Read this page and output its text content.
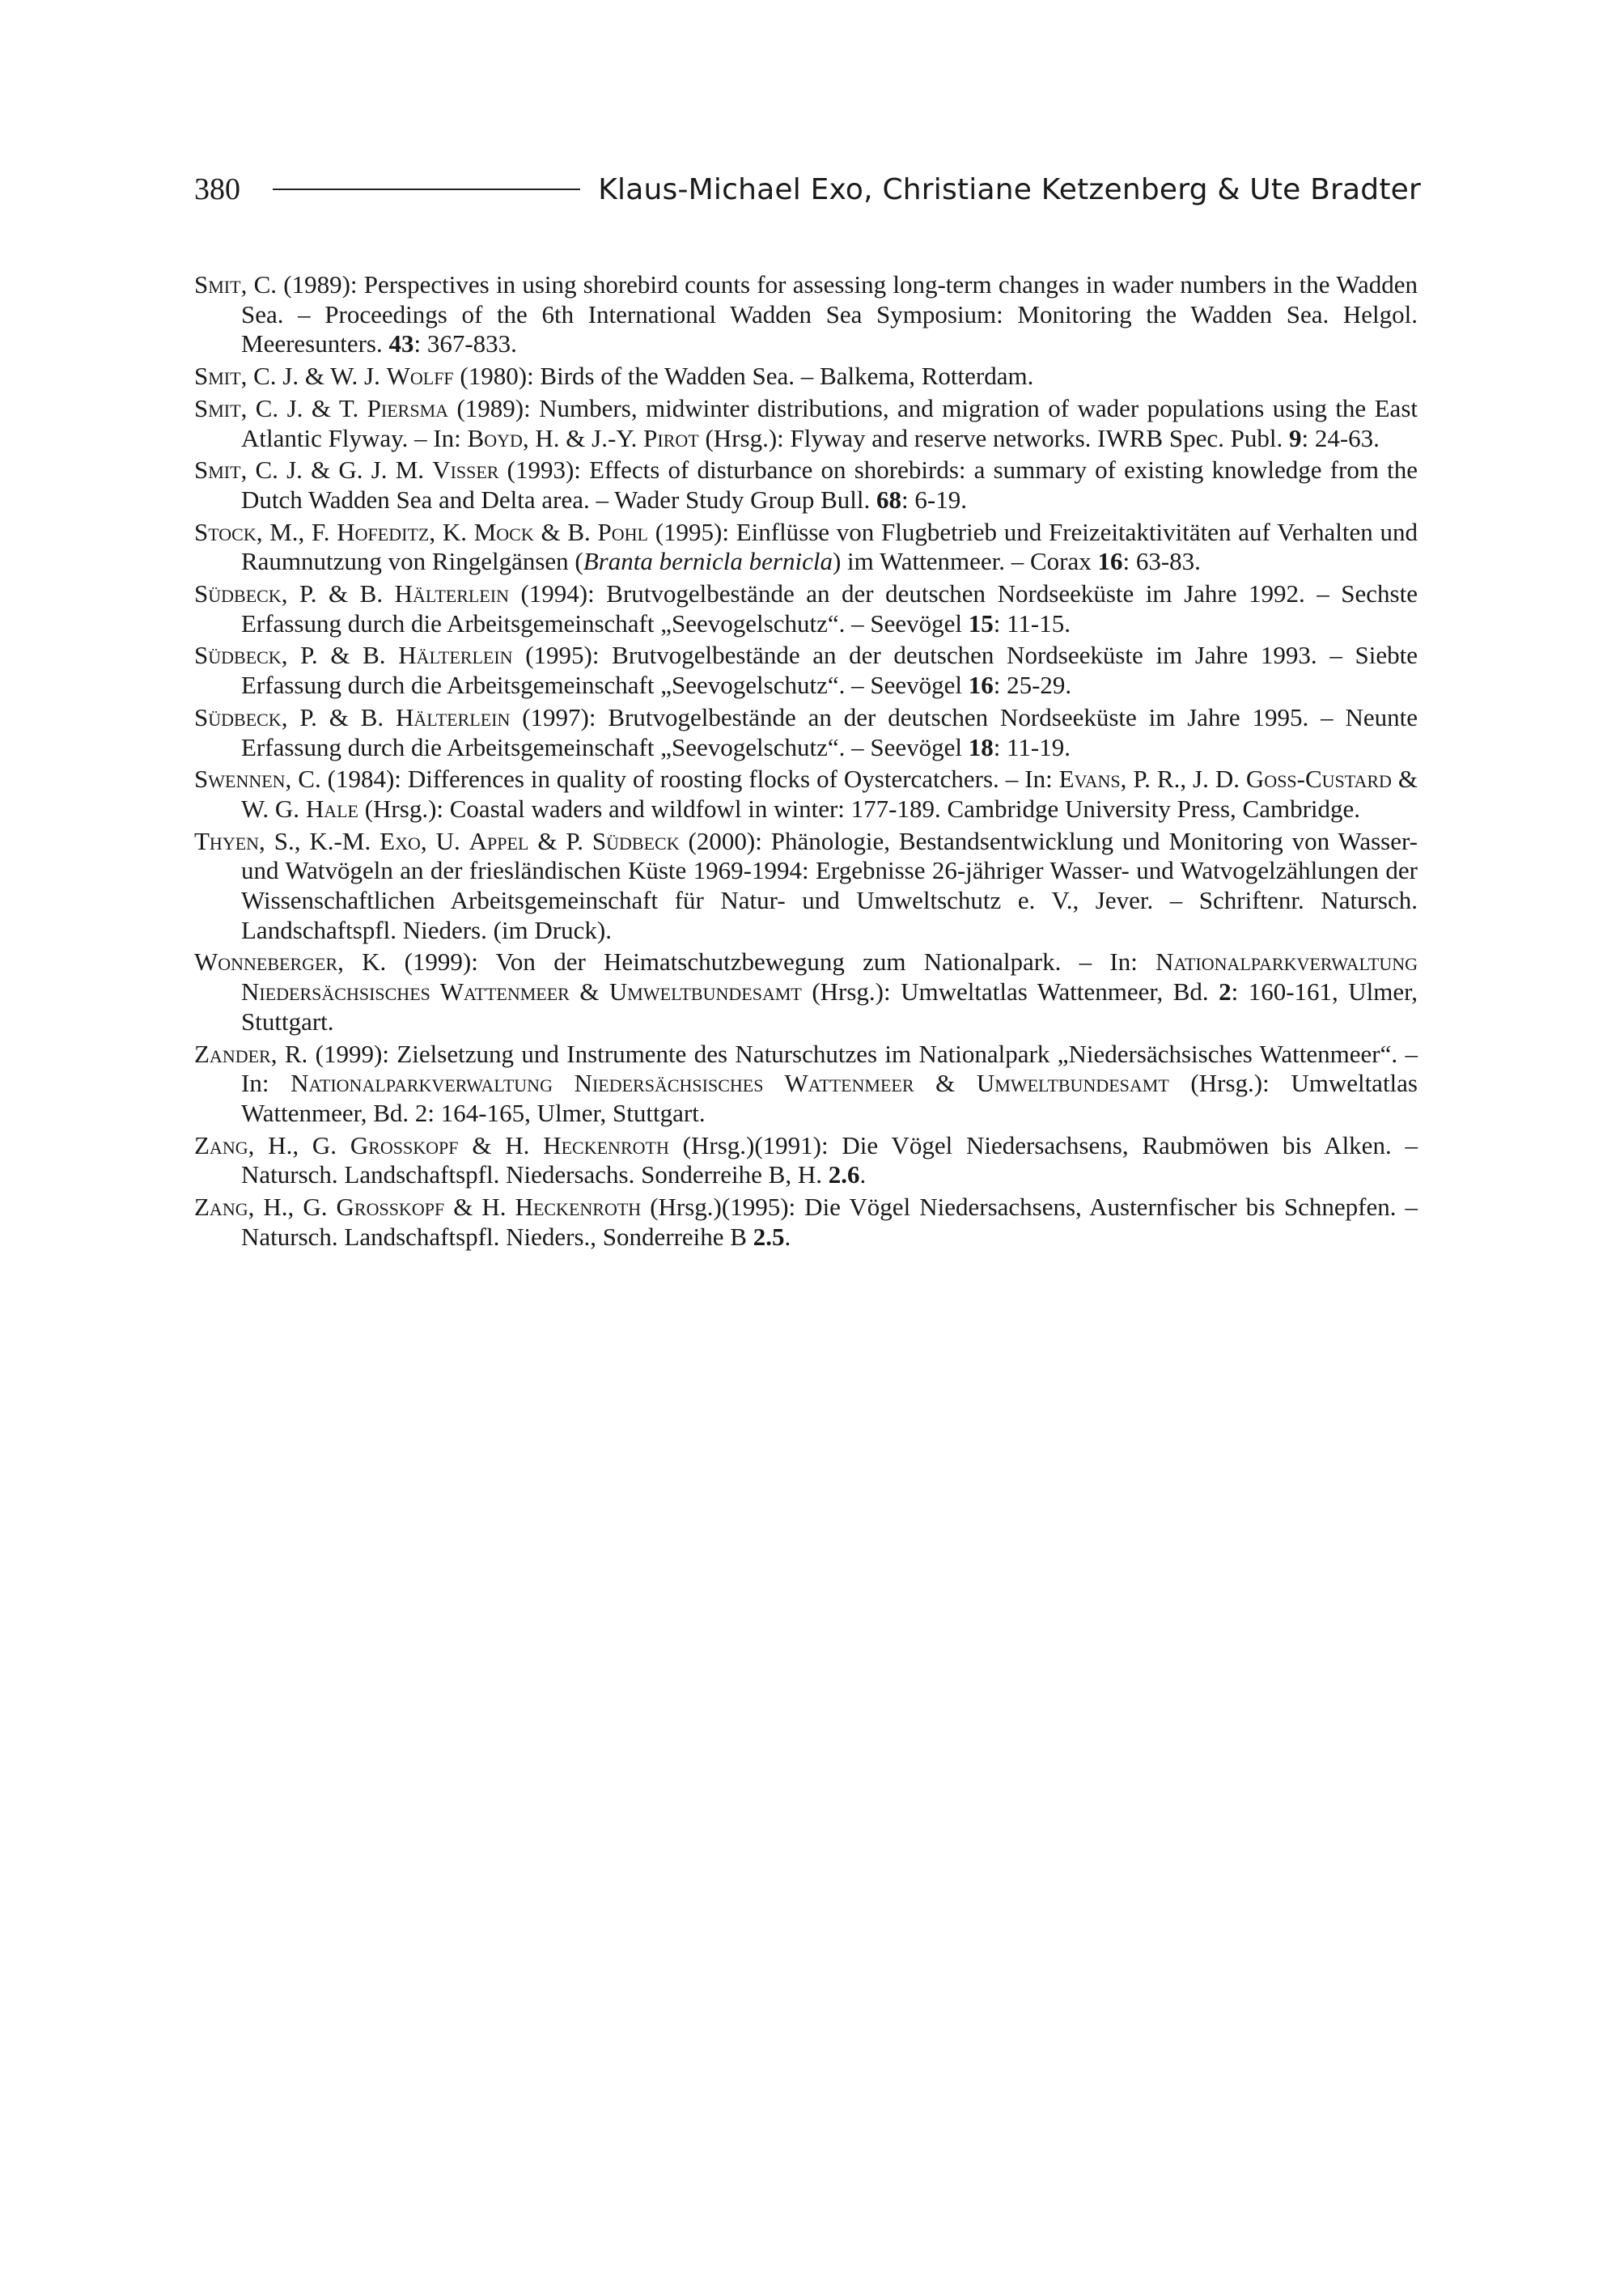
380	Klaus-Michael Exo, Christiane Ketzenberg & Ute Bradter

Smit, C. (1989): Perspectives in using shorebird counts for assessing long-term changes in wader numbers in the Wadden Sea. – Proceedings of the 6th International Wadden Sea Symposium: Monitoring the Wadden Sea. Helgol. Meeresunters. 43: 367-833.

Smit, C. J. & W. J. Wolff (1980): Birds of the Wadden Sea. – Balkema, Rotterdam.

Smit, C. J. & T. Piersma (1989): Numbers, midwinter distributions, and migration of wader populations using the East Atlantic Flyway. – In: Boyd, H. & J.-Y. Pirot (Hrsg.): Flyway and reserve networks. IWRB Spec. Publ. 9: 24-63.

Smit, C. J. & G. J. M. Visser (1993): Effects of disturbance on shorebirds: a summary of existing knowledge from the Dutch Wadden Sea and Delta area. – Wader Study Group Bull. 68: 6-19.

Stock, M., F. Hofeditz, K. Mock & B. Pohl (1995): Einflüsse von Flugbetrieb und Freizeitaktivitäten auf Verhalten und Raumnutzung von Ringelgänsen (Branta bernicla bernicla) im Wattenmeer. – Corax 16: 63-83.

Südbeck, P. & B. Hälterlein (1994): Brutvogelbestände an der deutschen Nordseeküste im Jahre 1992. – Sechste Erfassung durch die Arbeitsgemeinschaft „Seevogelschutz“. – Seevögel 15: 11-15.

Südbeck, P. & B. Hälterlein (1995): Brutvogelbestände an der deutschen Nordseeküste im Jahre 1993. – Siebte Erfassung durch die Arbeitsgemeinschaft „Seevogelschutz“. – Seevögel 16: 25-29.

Südbeck, P. & B. Hälterlein (1997): Brutvogelbestände an der deutschen Nordseeküste im Jahre 1995. – Neunte Erfassung durch die Arbeitsgemeinschaft „Seevogelschutz“. – Seevögel 18: 11-19.

Swennen, C. (1984): Differences in quality of roosting flocks of Oystercatchers. – In: Evans, P. R., J. D. Goss-Custard & W. G. Hale (Hrsg.): Coastal waders and wildfowl in winter: 177-189. Cambridge University Press, Cambridge.

Thyen, S., K.-M. Exo, U. Appel & P. Südbeck (2000): Phänologie, Bestandsentwicklung und Monitoring von Wasser- und Watvögeln an der friesländischen Küste 1969-1994: Ergebnisse 26-jähriger Wasser- und Watvogelzählungen der Wissenschaftlichen Arbeitsgemeinschaft für Natur- und Umweltschutz e. V., Jever. – Schriftenr. Natursch. Landschaftspfl. Nieders. (im Druck).

Wonneberger, K. (1999): Von der Heimatschutzbewegung zum Nationalpark. – In: Nationalparkverwaltung Niedersächsisches Wattenmeer & Umweltbundesamt (Hrsg.): Umweltatlas Wattenmeer, Bd. 2: 160-161, Ulmer, Stuttgart.

Zander, R. (1999): Zielsetzung und Instrumente des Naturschutzes im Nationalpark „Niedersächsisches Wattenmeer“. – In: Nationalparkverwaltung Niedersächsisches Wattenmeer & Umweltbundesamt (Hrsg.): Umweltatlas Wattenmeer, Bd. 2: 164-165, Ulmer, Stuttgart.

Zang, H., G. Großkopf & H. Heckenroth (Hrsg.)(1991): Die Vögel Niedersachsens, Raubmöwen bis Alken. – Natursch. Landschaftspfl. Niedersachs. Sonderreihe B, H. 2.6.

Zang, H., G. Großkopf & H. Heckenroth (Hrsg.)(1995): Die Vögel Niedersachsens, Austernfischer bis Schnepfen. – Natursch. Landschaftspfl. Nieders., Sonderreihe B 2.5.
